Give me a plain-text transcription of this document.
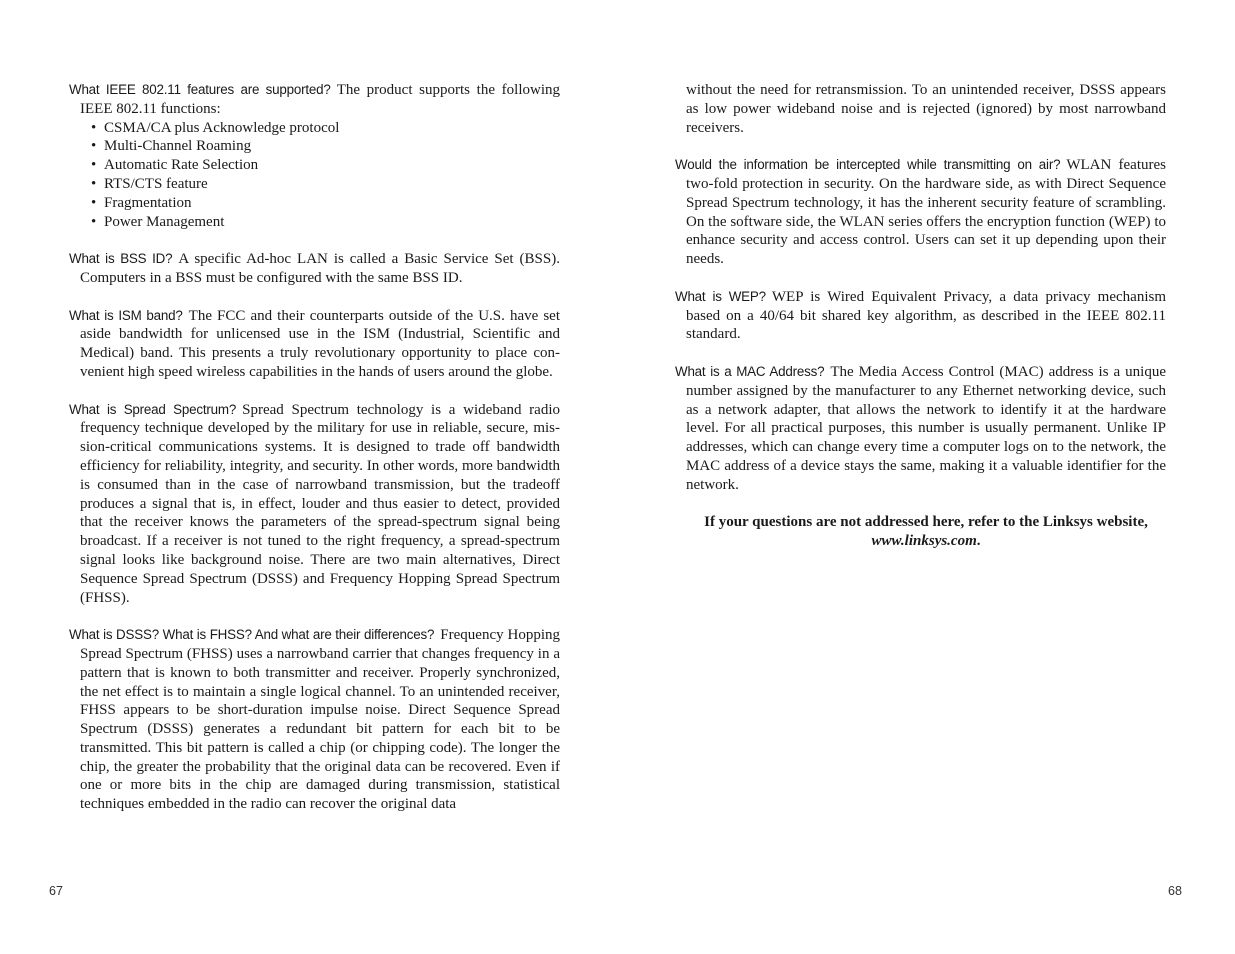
What IEEE 802.11 features are supported? The product supports the following IEEE 802.11 functions:
• CSMA/CA plus Acknowledge protocol
• Multi-Channel Roaming
• Automatic Rate Selection
• RTS/CTS feature
• Fragmentation
• Power Management
What is BSS ID? A specific Ad-hoc LAN is called a Basic Service Set (BSS). Computers in a BSS must be configured with the same BSS ID.
What is ISM band? The FCC and their counterparts outside of the U.S. have set aside bandwidth for unlicensed use in the ISM (Industrial, Scientific and Medical) band. This presents a truly revolutionary opportunity to place convenient high speed wireless capabilities in the hands of users around the globe.
What is Spread Spectrum? Spread Spectrum technology is a wideband radio frequency technique developed by the military for use in reliable, secure, mission-critical communications systems. It is designed to trade off bandwidth efficiency for reliability, integrity, and security. In other words, more bandwidth is consumed than in the case of narrowband transmission, but the tradeoff produces a signal that is, in effect, louder and thus easier to detect, provided that the receiver knows the parameters of the spread-spectrum signal being broadcast. If a receiver is not tuned to the right frequency, a spread-spectrum signal looks like background noise. There are two main alternatives, Direct Sequence Spread Spectrum (DSSS) and Frequency Hopping Spread Spectrum (FHSS).
What is DSSS? What is FHSS? And what are their differences? Frequency Hopping Spread Spectrum (FHSS) uses a narrowband carrier that changes frequency in a pattern that is known to both transmitter and receiver. Properly synchronized, the net effect is to maintain a single logical channel. To an unintended receiver, FHSS appears to be short-duration impulse noise. Direct Sequence Spread Spectrum (DSSS) generates a redundant bit pattern for each bit to be transmitted. This bit pattern is called a chip (or chipping code). The longer the chip, the greater the probability that the original data can be recovered. Even if one or more bits in the chip are damaged during transmission, statistical techniques embedded in the radio can recover the original data
67
without the need for retransmission. To an unintended receiver, DSSS appears as low power wideband noise and is rejected (ignored) by most narrowband receivers.
Would the information be intercepted while transmitting on air? WLAN features two-fold protection in security. On the hardware side, as with Direct Sequence Spread Spectrum technology, it has the inherent security feature of scrambling. On the software side, the WLAN series offers the encryption function (WEP) to enhance security and access control. Users can set it up depending upon their needs.
What is WEP? WEP is Wired Equivalent Privacy, a data privacy mechanism based on a 40/64 bit shared key algorithm, as described in the IEEE 802.11 standard.
What is a MAC Address? The Media Access Control (MAC) address is a unique number assigned by the manufacturer to any Ethernet networking device, such as a network adapter, that allows the network to identify it at the hardware level. For all practical purposes, this number is usually permanent. Unlike IP addresses, which can change every time a computer logs on to the network, the MAC address of a device stays the same, making it a valuable identifier for the network.

If your questions are not addressed here, refer to the Linksys website,
www.linksys.com.

68
